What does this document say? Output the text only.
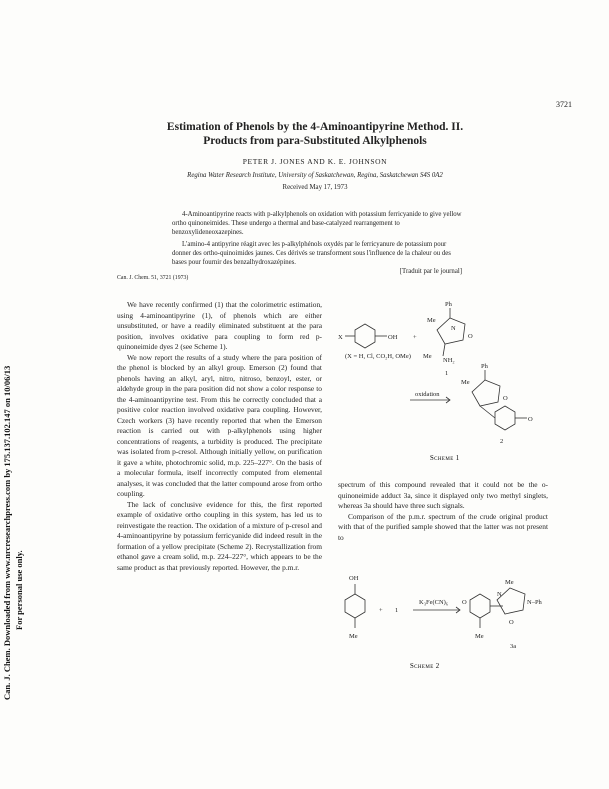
Can. J. Chem. Downloaded from www.nrcresearchpress.com by 175.137.102.147 on 10/06/13 For personal use only.
3721
Estimation of Phenols by the 4-Aminoantipyrine Method. II.
Products from para-Substituted Alkylphenols
PETER J. JONES AND K. E. JOHNSON
Regina Water Research Institute, University of Saskatchewan, Regina, Saskatchewan S4S 0A2
Received May 17, 1973

4-Aminoantipyrine reacts with p-alkylphenols on oxidation with potassium ferricyanide to give yellow ortho quinoneimides. These undergo a thermal and base-catalyzed rearrangement to benzoxylideneoxazepines.

L'amino-4 antipyrine réagit avec les p-alkylphénols oxydés par le ferricyanure de potassium pour donner des ortho-quinoimides jaunes. Ces dérivés se transforment sous l'influence de la chaleur ou des bases pour fournir des benzalhydroxazépines.
[Traduit par le journal]
Can. J. Chem. 51, 3721 (1973)

We have recently confirmed (1) that the colorimetric estimation, using 4-aminoantipyrine (1), of phenols which are either unsubstituted, or have a readily eliminated substituent at the para position, involves oxidative para coupling to form red p-quinoneimide dyes 2 (see Scheme 1).

We now report the results of a study where the para position of the phenol is blocked by an alkyl group. Emerson (2) found that phenols having an alkyl, aryl, nitro, nitroso, benzoyl, ester, or aldehyde group in the para position did not show a color response to the 4-aminoantipyrine test. From this he correctly concluded that a positive color reaction involved oxidative para coupling. However, Czech workers (3) have recently reported that when the Emerson reaction is carried out with p-alkylphenols using higher concentrations of reagents, a turbidity is produced. The precipitate was isolated from p-cresol. Although initially yellow, on purification it gave a white, photochromic solid, m.p. 225–227°. On the basis of a molecular formula, itself incorrectly computed from elemental analyses, it was concluded that the latter compound arose from ortho coupling.

The lack of conclusive evidence for this, the first reported example of oxidative ortho coupling in this system, has led us to reinvestigate the reaction. The oxidation of a mixture of p-cresol and 4-aminoantipyrine by potassium ferricyanide did indeed result in the formation of a yellow precipitate (Scheme 2). Recrystallization from ethanol gave a cream solid, m.p. 224–227°, which appears to be the same product as that previously reported. However, the p.m.r.

X	OH +
Ph
Me
N
O
Me
NH₂
(X = H, Cl, CO₂H, OMe)
1
oxidation
Ph
Me
O
O
2
Scheme 1

spectrum of this compound revealed that it could not be the o-quinoneimide adduct 3a, since it displayed only two methyl singlets, whereas 3a should have three such signals.

Comparison of the p.m.r. spectrum of the crude original product with that of the purified sample showed that the latter was not present to

OH
Me
+ 1
K₃Fe(CN)₆ O
Me
Me
N
N–Ph
O
3a
Scheme 2
